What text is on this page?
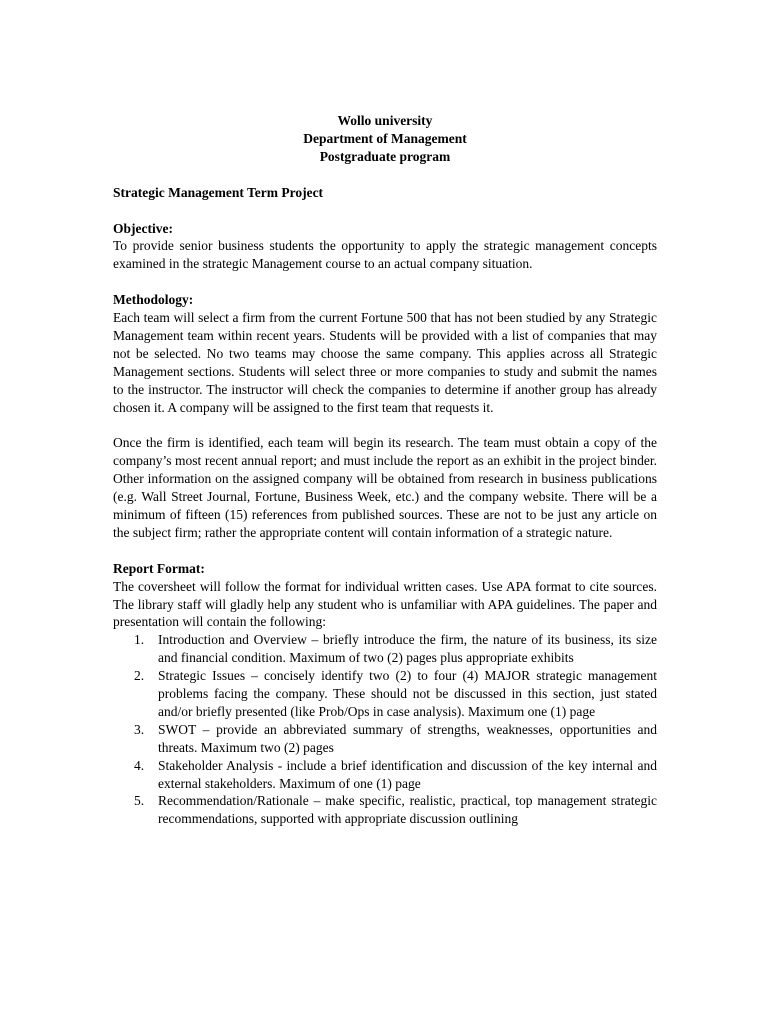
Wollo university
Department of Management
Postgraduate program
Strategic Management Term Project
Objective:

To provide senior business students the opportunity to apply the strategic management concepts examined in the strategic Management course to an actual company situation.

Methodology:

Each team will select a firm from the current Fortune 500 that has not been studied by any Strategic Management team within recent years. Students will be provided with a list of companies that may not be selected. No two teams may choose the same company. This applies across all Strategic Management sections. Students will select three or more companies to study and submit the names to the instructor. The instructor will check the companies to determine if another group has already chosen it. A company will be assigned to the first team that requests it.

Once the firm is identified, each team will begin its research. The team must obtain a copy of the company’s most recent annual report; and must include the report as an exhibit in the project binder. Other information on the assigned company will be obtained from research in business publications (e.g. Wall Street Journal, Fortune, Business Week, etc.) and the company website. There will be a minimum of fifteen (15) references from published sources. These are not to be just any article on the subject firm; rather the appropriate content will contain information of a strategic nature.

Report Format:

The coversheet will follow the format for individual written cases. Use APA format to cite sources. The library staff will gladly help any student who is unfamiliar with APA guidelines. The paper and presentation will contain the following:

1. Introduction and Overview – briefly introduce the firm, the nature of its business, its size and financial condition. Maximum of two (2) pages plus appropriate exhibits
2. Strategic Issues – concisely identify two (2) to four (4) MAJOR strategic management problems facing the company. These should not be discussed in this section, just stated and/or briefly presented (like Prob/Ops in case analysis). Maximum one (1) page
3. SWOT – provide an abbreviated summary of strengths, weaknesses, opportunities and threats. Maximum two (2) pages
4. Stakeholder Analysis - include a brief identification and discussion of the key internal and external stakeholders. Maximum of one (1) page
5. Recommendation/Rationale – make specific, realistic, practical, top management strategic recommendations, supported with appropriate discussion outlining
